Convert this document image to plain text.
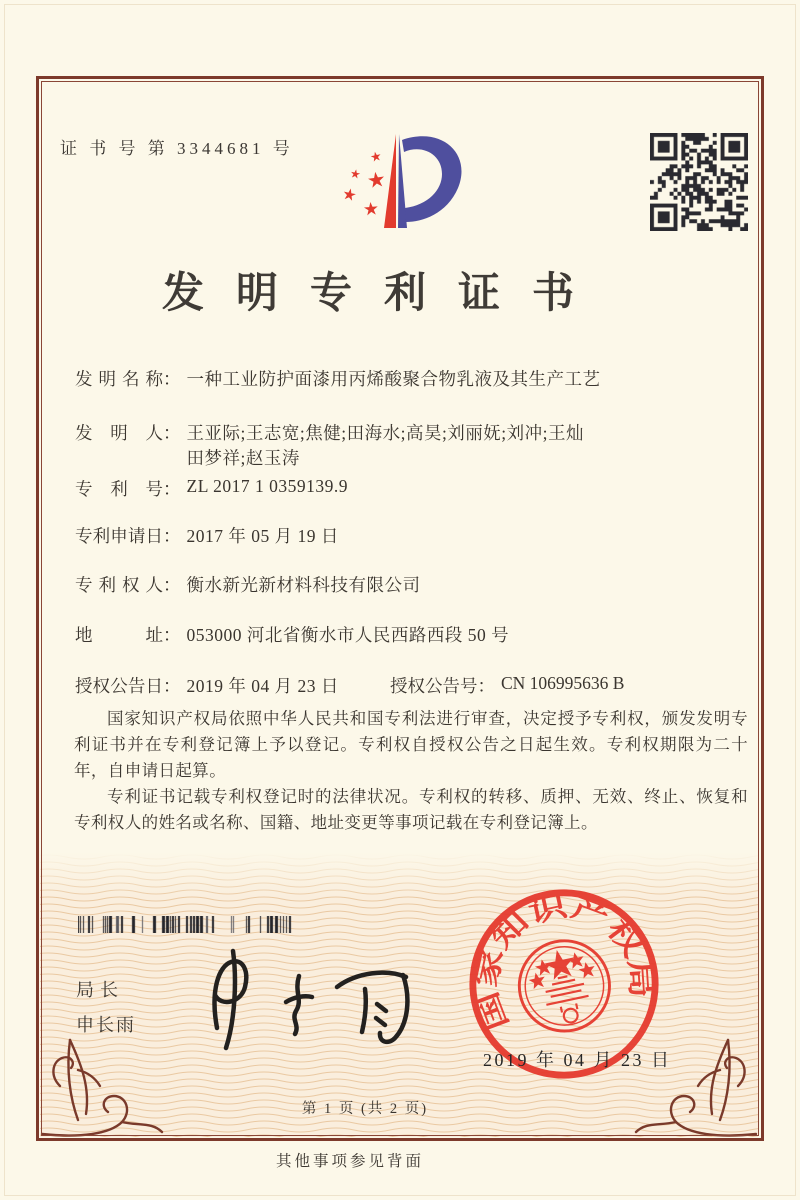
证 书 号 第 3344681 号	★
★ ★
★
★
发明专利证书
发明名称 ： 一种工业防护面漆用丙烯酸聚合物乳液及其生产工艺
发明人 ： 王亚际;王志宽;焦健;田海水;高昊;刘丽妩;刘冲;王灿
田梦祥;赵玉涛
专利号 ： ZL 2017 1 0359139.9
专利申请日 ： 2017 年 05 月 19 日
专利权人 ： 衡水新光新材料科技有限公司
地址 ： 053000 河北省衡水市人民西路西段 50 号
授权公告日 ： 2019 年 04 月 23 日	授权公告号 ： CN 106995636 B
国家知识产权局依照中华人民共和国专利法进行审查，决定授予专利权，颁发发明专利证书并在专利登记簿上予以登记。专利权自授权公告之日起生效。专利权期限为二十年，自申请日起算。
专利证书记载专利权登记时的法律状况。专利权的转移、质押、无效、终止、恢复和专利权人的姓名或名称、国籍、地址变更等事项记载在专利登记簿上。
局长
申长雨	国家知识产权局
2019 年 04 月 23 日
第 1 页 (共 2 页)
其他事项参见背面
